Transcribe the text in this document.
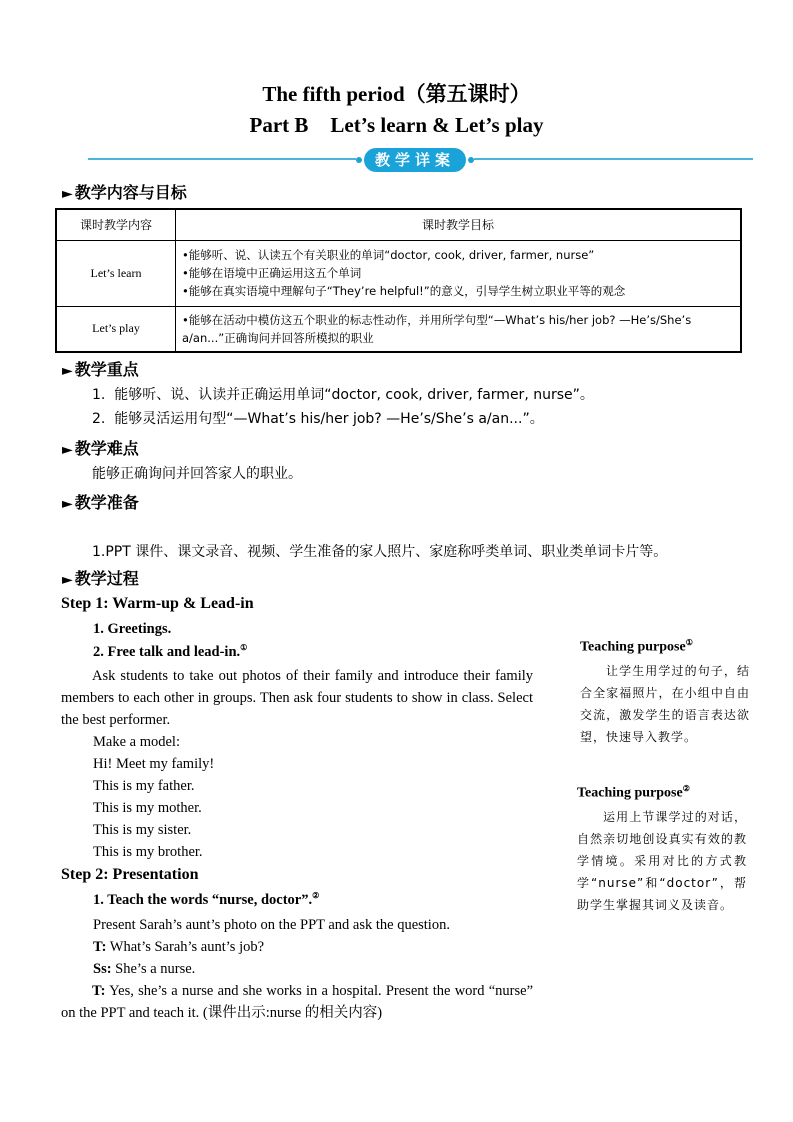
The fifth period（第五课时）
Part B Let’s learn & Let’s play
教学详案
► 教学内容与目标
课时教学内容	课时教学目标
Let’s learn	•能够听、说、认读五个有关职业的单词“doctor, cook, driver, farmer, nurse”
•能够在语境中正确运用这五个单词
•能够在真实语境中理解句子“They’re helpful!”的意义，引导学生树立职业平等的观念

Let’s play	•能够在活动中模仿这五个职业的标志性动作，并用所学句型“—What’s his/her job? —He’s/She’s a/an...”正确询问并回答所模拟的职业
► 教学重点
1.  能够听、说、认读并正确运用单词“doctor, cook, driver, farmer, nurse”。
2.  能够灵活运用句型“—What’s his/her job? —He’s/She’s a/an...”。
► 教学难点
能够正确询问并回答家人的职业。
► 教学准备
1.PPT 课件、课文录音、视频、学生准备的家人照片、家庭称呼类单词、职业类单词卡片等。
► 教学过程
Step 1: Warm-up & Lead-in
1. Greetings.
2. Free talk and lead-in.①
Ask students to take out photos of their family and introduce their family members to each other in groups. Then ask four students to show in class. Select the best performer.
Make a model:
Hi! Meet my family!
This is my father.
This is my mother.
This is my sister.
This is my brother.
Step 2: Presentation
1. Teach the words “nurse, doctor”.②
Present Sarah’s aunt’s photo on the PPT and ask the question.
T: What’s Sarah’s aunt’s job?
Ss: She’s a nurse.
T: Yes, she’s a nurse and she works in a hospital. Present the word “nurse” on the PPT and teach it. (课件出示:nurse 的相关内容)
Teaching purpose①
让学生用学过的句子，结合全家福照片，在小组中自由交流，激发学生的语言表达欲望，快速导入教学。
Teaching purpose②
运用上节课学过的对话，自然亲切地创设真实有效的教学情境。采用对比的方式教学“nurse”和“doctor”，帮助学生掌握其词义及读音。
